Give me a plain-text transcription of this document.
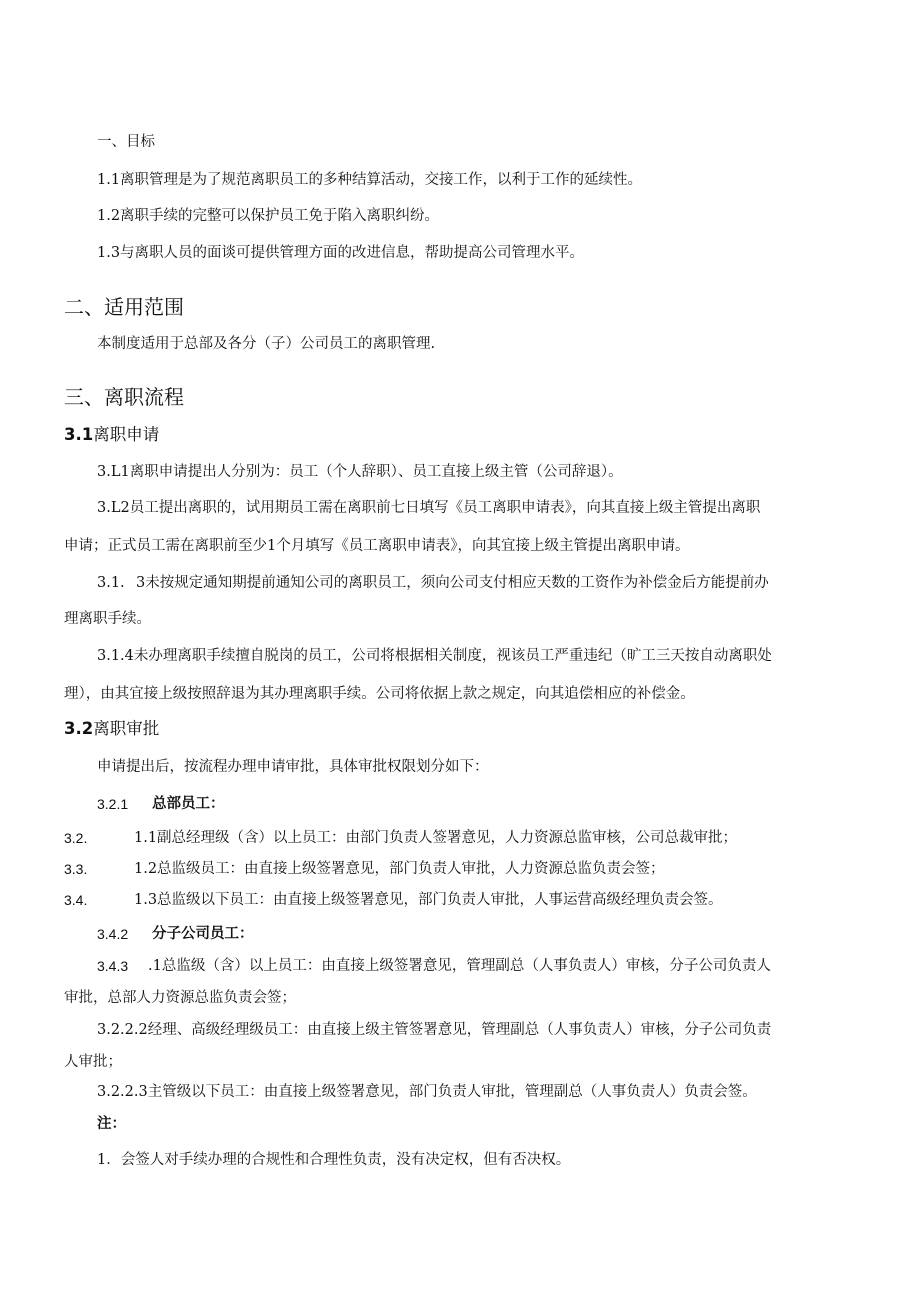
一、目标
1.1离职管理是为了规范离职员工的多种结算活动，交接工作，以利于工作的延续性。
1.2离职手续的完整可以保护员工免于陷入离职纠纷。
1.3与离职人员的面谈可提供管理方面的改进信息，帮助提高公司管理水平。
二、适用范围
本制度适用于总部及各分（子）公司员工的离职管理.
三、离职流程
3.1离职申请
3.L1离职申请提出人分别为：员工（个人辞职）、员工直接上级主管（公司辞退）。
3.L2员工提出离职的，试用期员工需在离职前七日填写《员工离职申请表》，向其直接上级主管提出离职
申请；正式员工需在离职前至少1个月填写《员工离职申请表》，向其宜接上级主管提出离职申请。
3.1. 3未按规定通知期提前通知公司的离职员工，须向公司支付相应天数的工资作为补偿金后方能提前办
理离职手续。
3.1.4未办理离职手续擅自脱岗的员工，公司将根据相关制度，视该员工严重违纪（旷工三天按自动离职处
理），由其宜接上级按照辞退为其办理离职手续。公司将依据上款之规定，向其追偿相应的补偿金。
3.2离职审批
申请提出后，按流程办理申请审批，具体审批权限划分如下：
3.2.1 总部员工：
3.2.	1.1副总经理级（含）以上员工：由部门负责人签署意见，人力资源总监审核，公司总裁审批；
3.3.	1.2总监级员工：由直接上级签署意见，部门负责人审批，人力资源总监负责会签；
3.4.	1.3总监级以下员工：由直接上级签署意见，部门负责人审批，人事运营高级经理负责会签。
3.4.2 分子公司员工：
3.4.3 .1总监级（含）以上员工：由直接上级签署意见，管理副总（人事负责人）审核，分子公司负责人
审批，总部人力资源总监负责会签；
3.2.2.2经理、高级经理级员工：由直接上级主管签署意见，管理副总（人事负责人）审核，分子公司负责
人审批；
3.2.2.3主管级以下员工：由直接上级签署意见，部门负责人审批，管理副总（人事负责人）负责会签。
注：
1．会签人对手续办理的合规性和合理性负责，没有决定权，但有否决权。
